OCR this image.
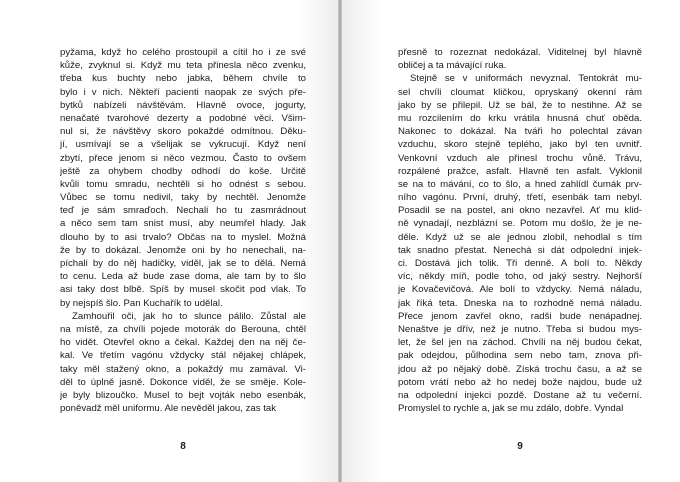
pyžama, když ho celého prostoupil a cítil ho i ze své
kůže, zvyknul si. Když mu teta přinesla něco zvenku,
třeba kus buchty nebo jabka, během chvíle to
bylo i v nich. Někteří pacienti naopak ze svých pře-
bytků nabízeli návštěvám. Hlavně ovoce, jogurty,
nenačaté tvarohové dezerty a podobné věci. Všim-
nul si, že návštěvy skoro pokaždé odmítnou. Děku-
jí, usmívají se a všelijak se vykrucují. Když není
zbytí, přece jenom si něco vezmou. Často to ovšem
ještě za ohybem chodby odhodí do koše. Určitě
kvůli tomu smradu, nechtěli si ho odnést s sebou.
Vůbec se tomu nedivil, taky by nechtěl. Jenomže
teď je sám smraďoch. Nechali ho tu zasmrádnout
a něco sem tam snist musí, aby neumřel hlady. Jak
dlouho by to asi trvalo? Občas na to myslel. Možná
že by to dokázal. Jenomže oni by ho nenechali, na-
píchali by do něj hadičky, viděl, jak se to dělá. Nemá
to cenu. Leda až bude zase doma, ale tam by to šlo
asi taky dost blbě. Spíš by musel skočit pod vlak. To
by nejspíš šlo. Pan Kuchařík to udělal.
Zamhouřil oči, jak ho to slunce pálilo. Zůstal ale
na místě, za chvíli pojede motorák do Berouna, chtěl
ho vidět. Otevřel okno a čekal. Každej den na něj če-
kal. Ve třetím vagónu vždycky stál nějakej chlápek,
taky měl stažený okno, a pokaždý mu zamával. Vi-
děl to úplně jasně. Dokonce viděl, že se směje. Kole-
je byly blizoučko. Musel to bejt vojták nebo esenbák,
poněvadž měl uniformu. Ale nevěděl jakou, zas tak
8
přesně to rozeznat nedokázal. Viditelnej byl hlavně
obličej a ta mávající ruka.
Stejně se v uniformách nevyznal. Tentokrát mu-
sel chvíli cloumat kličkou, opryskaný okenní rám
jako by se přilepil. Už se bál, že to nestihne. Až se
mu rozcilením do krku vrátila hnusná chuť oběda.
Nakonec to dokázal. Na tváři ho polechtal závan
vzduchu, skoro stejně teplého, jako byl ten uvnitř.
Venkovní vzduch ale přinesl trochu vůně. Trávu,
rozpálené pražce, asfalt. Hlavně ten asfalt. Vyklonil
se na to mávání, co to šlo, a hned zahlídl čumák prv-
ního vagónu. První, druhý, třetí, esenbák tam nebyl.
Posadil se na postel, ani okno nezavřel. Ať mu klid-
ně vynadají, nezblázní se. Potom mu došlo, že je ne-
děle. Když už se ale jednou zlobil, nehodlal s tím
tak snadno přestat. Nenechá si dát odpolední injek-
ci. Dostává jich tolik. Tři denně. A bolí to. Někdy
víc, někdy míň, podle toho, od jaký sestry. Nejhorší
je Kovačevičová. Ale bolí to vždycky. Nemá náladu,
jak říká teta. Dneska na to rozhodně nemá náladu.
Přece jenom zavřel okno, radši bude nenápadnej.
Nenaštve je dřív, než je nutno. Třeba si budou mys-
let, že šel jen na záchod. Chvíli na něj budou čekat,
pak odejdou, půlhodina sem nebo tam, znova při-
jdou až po nějaký době. Získá trochu času, a až se
potom vrátí nebo až ho nedej bože najdou, bude už
na odpolední injekci pozdě. Dostane až tu večerní.
Promyslel to rychle a, jak se mu zdálo, dobře. Vyndal
9
